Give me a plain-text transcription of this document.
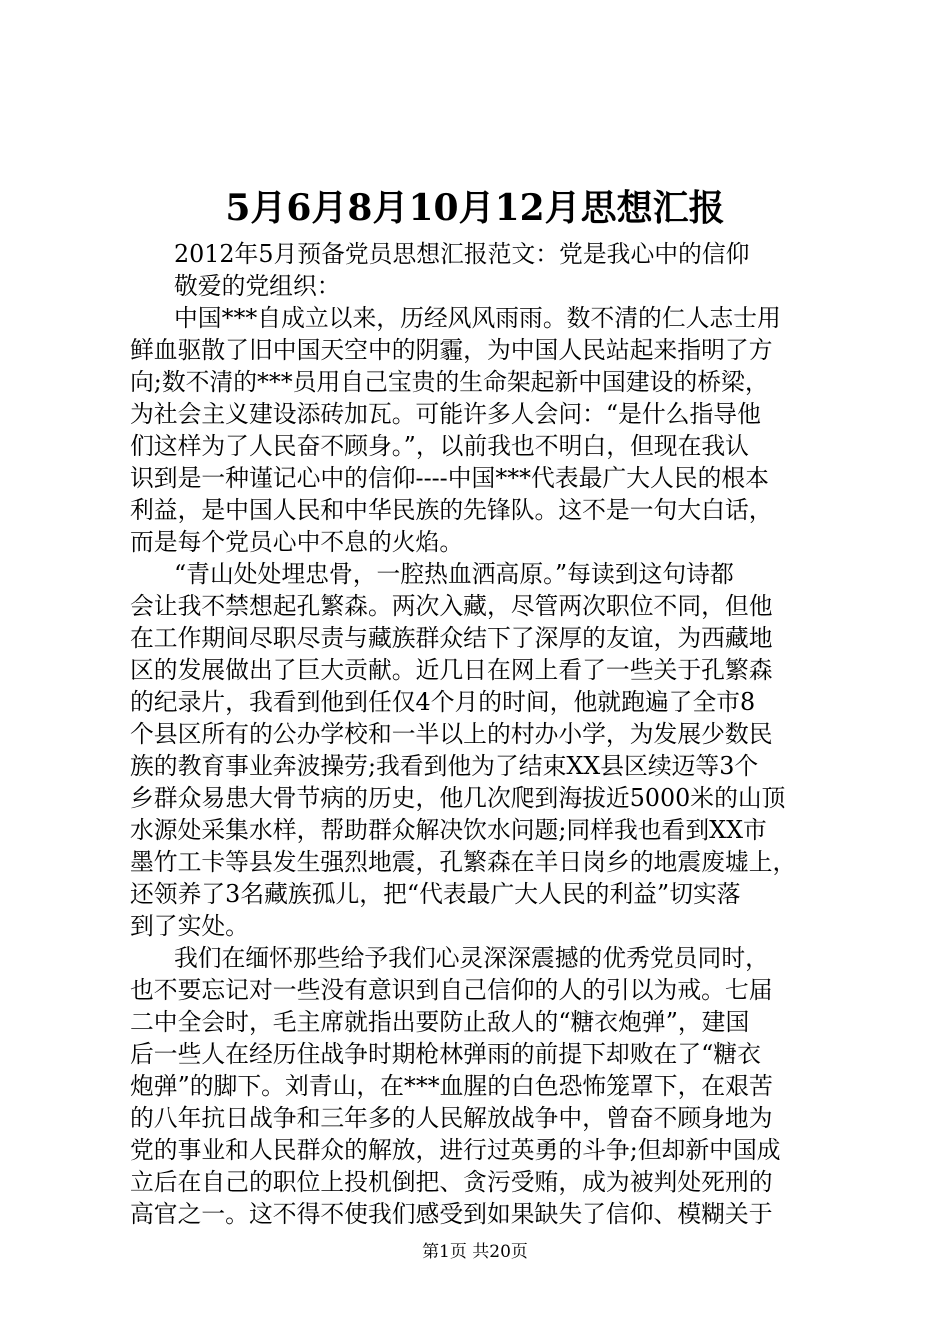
5月6月8月10月12月思想汇报
2012年5月预备党员思想汇报范文：党是我心中的信仰
敬爱的党组织：
中国***自成立以来，历经风风雨雨。数不清的仁人志士用
鲜血驱散了旧中国天空中的阴霾，为中国人民站起来指明了方
向;数不清的***员用自己宝贵的生命架起新中国建设的桥梁，
为社会主义建设添砖加瓦。可能许多人会问：“是什么指导他
们这样为了人民奋不顾身。”，以前我也不明白，但现在我认
识到是一种谨记心中的信仰----中国***代表最广大人民的根本
利益，是中国人民和中华民族的先锋队。这不是一句大白话，
而是每个党员心中不息的火焰。
“青山处处埋忠骨，一腔热血洒高原。”每读到这句诗都
会让我不禁想起孔繁森。两次入藏，尽管两次职位不同，但他
在工作期间尽职尽责与藏族群众结下了深厚的友谊，为西藏地
区的发展做出了巨大贡献。近几日在网上看了一些关于孔繁森
的纪录片，我看到他到任仅4个月的时间，他就跑遍了全市8
个县区所有的公办学校和一半以上的村办小学，为发展少数民
族的教育事业奔波操劳;我看到他为了结束XX县区续迈等3个
乡群众易患大骨节病的历史，他几次爬到海拔近5000米的山顶
水源处采集水样，帮助群众解决饮水问题;同样我也看到XX市
墨竹工卡等县发生强烈地震，孔繁森在羊日岗乡的地震废墟上，
还领养了3名藏族孤儿，把“代表最广大人民的利益”切实落
到了实处。
我们在缅怀那些给予我们心灵深深震撼的优秀党员同时，
也不要忘记对一些没有意识到自己信仰的人的引以为戒。七届
二中全会时，毛主席就指出要防止敌人的“糖衣炮弹”，建国
后一些人在经历住战争时期枪林弹雨的前提下却败在了“糖衣
炮弹”的脚下。刘青山，在***血腥的白色恐怖笼罩下，在艰苦
的八年抗日战争和三年多的人民解放战争中，曾奋不顾身地为
党的事业和人民群众的解放，进行过英勇的斗争;但却新中国成
立后在自己的职位上投机倒把、贪污受贿，成为被判处死刑的
高官之一。这不得不使我们感受到如果缺失了信仰、模糊关于
第1页 共20页
